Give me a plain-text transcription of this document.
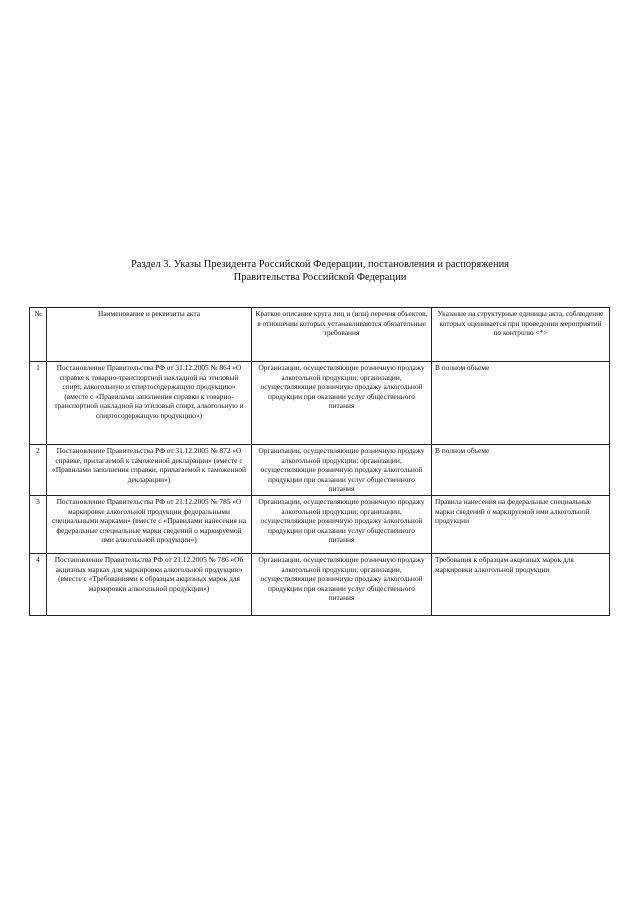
Раздел 3. Указы Президента Российской Федерации, постановления и распоряжения
Правительства Российской Федерации
№	Наименование и реквизиты акта	Краткое описание круга лиц и (или) перечня объектов, в отношении которых устанавливаются обязательные требования	Указание на структурные единицы акта, соблюдение которых оценивается при проведении мероприятий по контролю <*>
1	Постановление Правительства РФ от 31.12.2005 № 864 «О справке к товарно-транспортной накладной на этиловый спирт, алкогольную и спиртосодержащую продукцию» (вместе с «Правилами заполнения справки к товарно-транспортной накладной на этиловый спирт, алкогольную и спиртосодержащую продукцию»)	Организации, осуществляющие розничную продажу алкогольной продукции; организации, осуществляющие розничную продажу алкогольной продукции при оказании услуг общественного питания	В полном объеме
2	Постановление Правительства РФ от 31.12.2005 № 872 «О справке, прилагаемой к таможенной декларации» (вместе с «Правилами заполнения справки, прилагаемой к таможенной декларации»)	Организации, осуществляющие розничную продажу алкогольной продукции; организации, осуществляющие розничную продажу алкогольной продукции при оказании услуг общественного питания	В полном объеме
3	Постановление Правительства РФ от 21.12.2005 № 785 «О маркировке алкогольной продукции федеральными специальными марками» (вместе с «Правилами нанесения на федеральные специальные марки сведений о маркируемой ими алкогольной продукции»)	Организации, осуществляющие розничную продажу алкогольной продукции; организации, осуществляющие розничную продажу алкогольной продукции при оказании услуг общественного питания	Правила нанесения на федеральные специальные марки сведений о маркируемой ими алкогольной продукции
4	Постановление Правительства РФ от 21.12.2005 № 786 «Об акцизных марках для маркировки алкогольной продукции» (вместе с «Требованиями к образцам акцизных марок для маркировки алкогольной продукции»)	Организации, осуществляющие розничную продажу алкогольной продукции; организации, осуществляющие розничную продажу алкогольной продукции при оказании услуг общественного питания	Требования к образцам акцизных марок для маркировки алкогольной продукции
